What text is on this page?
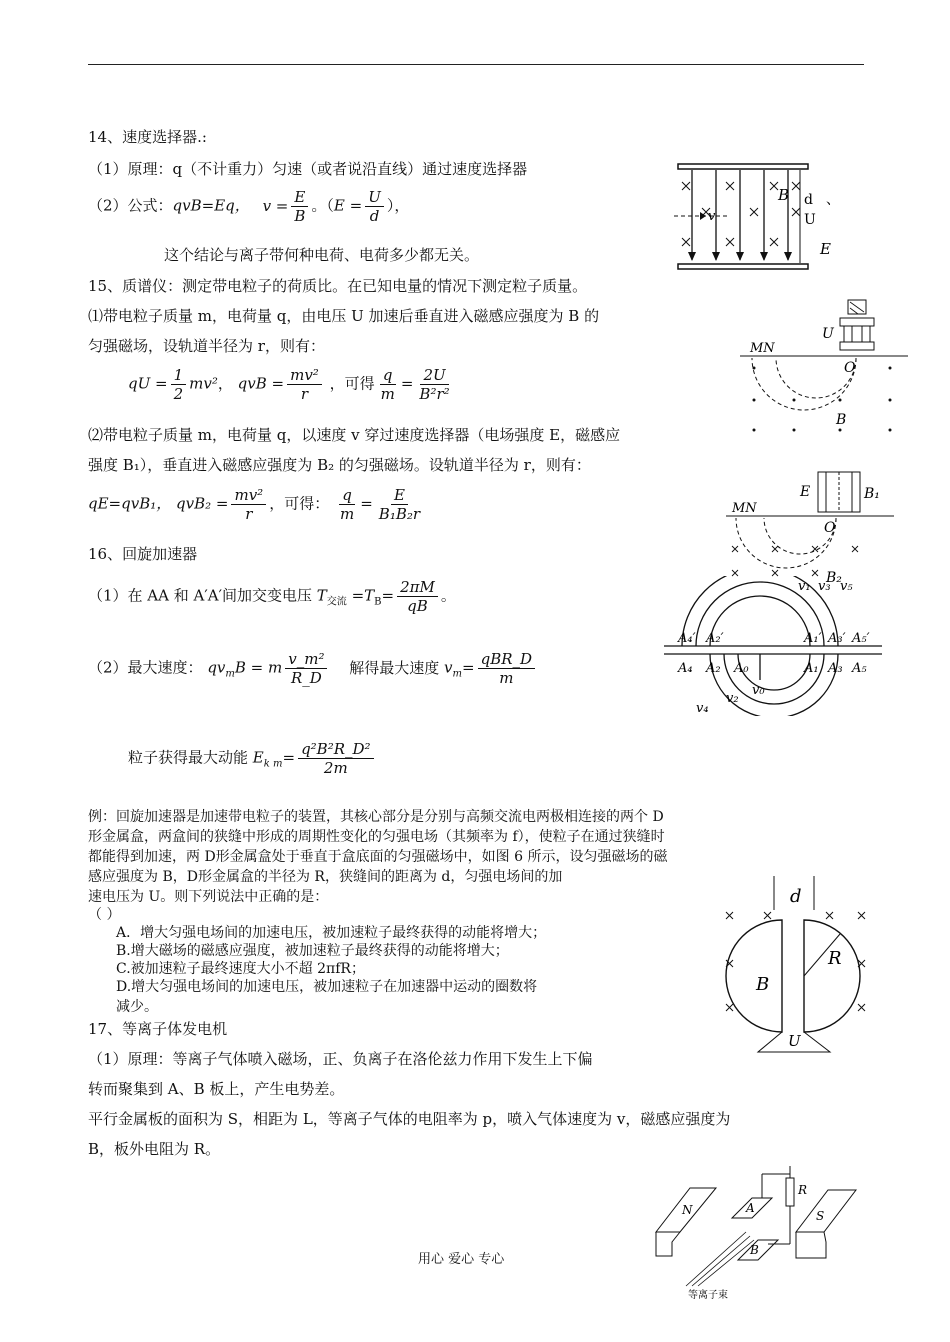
14、速度选择器.:
（1）原理：q（不计重力）匀速（或者说沿直线）通过速度选择器
（2）公式：qvB=Eq， $v = \frac{E}{B}$ 。（$E = \frac{U}{d}$ ），
这个结论与离子带何种电荷、电荷多少都无关。
v
B d 、
U
E
15、质谱仪：测定带电粒子的荷质比。在已知电量的情况下测定粒子质量。
⑴带电粒子质量 m，电荷量 q，由电压 U 加速后垂直进入磁感应强度为 B 的
匀强磁场，设轨道半径为 r，则有：
qU = $\frac{1}{2} mv^2$， qvB = $\frac{\text{mv²}}{r}$ ，可得 $\frac{q}{m} = \frac{2U}{\text{B²r²}}$
⑵带电粒子质量 m，电荷量 q，以速度 v 穿过速度选择器（电场强度 E，磁感应
强度 B₁），垂直进入磁感应强度为 B₂ 的匀强磁场。设轨道半径为 r，则有：
qE=qvB₁， $qvB_2 = \frac{\text{mv²}}{r}$ ，可得： $\frac{q}{m} = \frac{E}{\text{B₁B₂r}}$
U
MN
O
B
E	B₁
MN
O
B₂
16、回旋加速器
（1）在 AA 和 A′A′间加交变电压 $T_{交流} =T_B= \frac{2\pi M}{qB}$ 。
（2）最大速度： $qv_mB = m \frac{\text{v\_m²}}{R\_D}$ 解得最大速度 $v_m= \frac{\text{qBR\_D}}{m}$
粒子获得最大动能 $E_{k m}= \frac{\text{q²B²R\_D²}}{2m}$
v₁ v₃ v₅
A₄′ A₂′	A₁′ A₃′ A₅′
A₄ A₂ A₀	A₁ A₃ A₅
v₀
v₂
v₄
例：回旋加速器是加速带电粒子的装置，其核心部分是分别与高频交流电两极相连接的两个 D
形金属盒，两盒间的狭缝中形成的周期性变化的匀强电场（其频率为 f），使粒子在通过狭缝时
都能得到加速，两 D形金属盒处于垂直于盒底面的匀强磁场中，如图 6 所示，设匀强磁场的磁
感应强度为 B，D形金属盒的半径为 R，狭缝间的距离为 d，匀强电场间的加
速电压为 U。则下列说法中正确的是：
（ ）
A．增大匀强电场间的加速电压，被加速粒子最终获得的动能将增大；
B.增大磁场的磁感应强度，被加速粒子最终获得的动能将增大；
C.被加速粒子最终速度大小不超 2πfR；
D.增大匀强电场间的加速电压，被加速粒子在加速器中运动的圈数将
减少。
d
R
B
U
17、等离子体发电机
（1）原理：等离子气体喷入磁场，正、负离子在洛伦兹力作用下发生上下偏
转而聚集到 A、B 板上，产生电势差。
平行金属板的面积为 S，相距为 L，等离子气体的电阻率为 p，喷入气体速度为 v，磁感应强度为
B，板外电阻为 R。
N	A
B
R
S
等离子束
用心 爱心 专心
